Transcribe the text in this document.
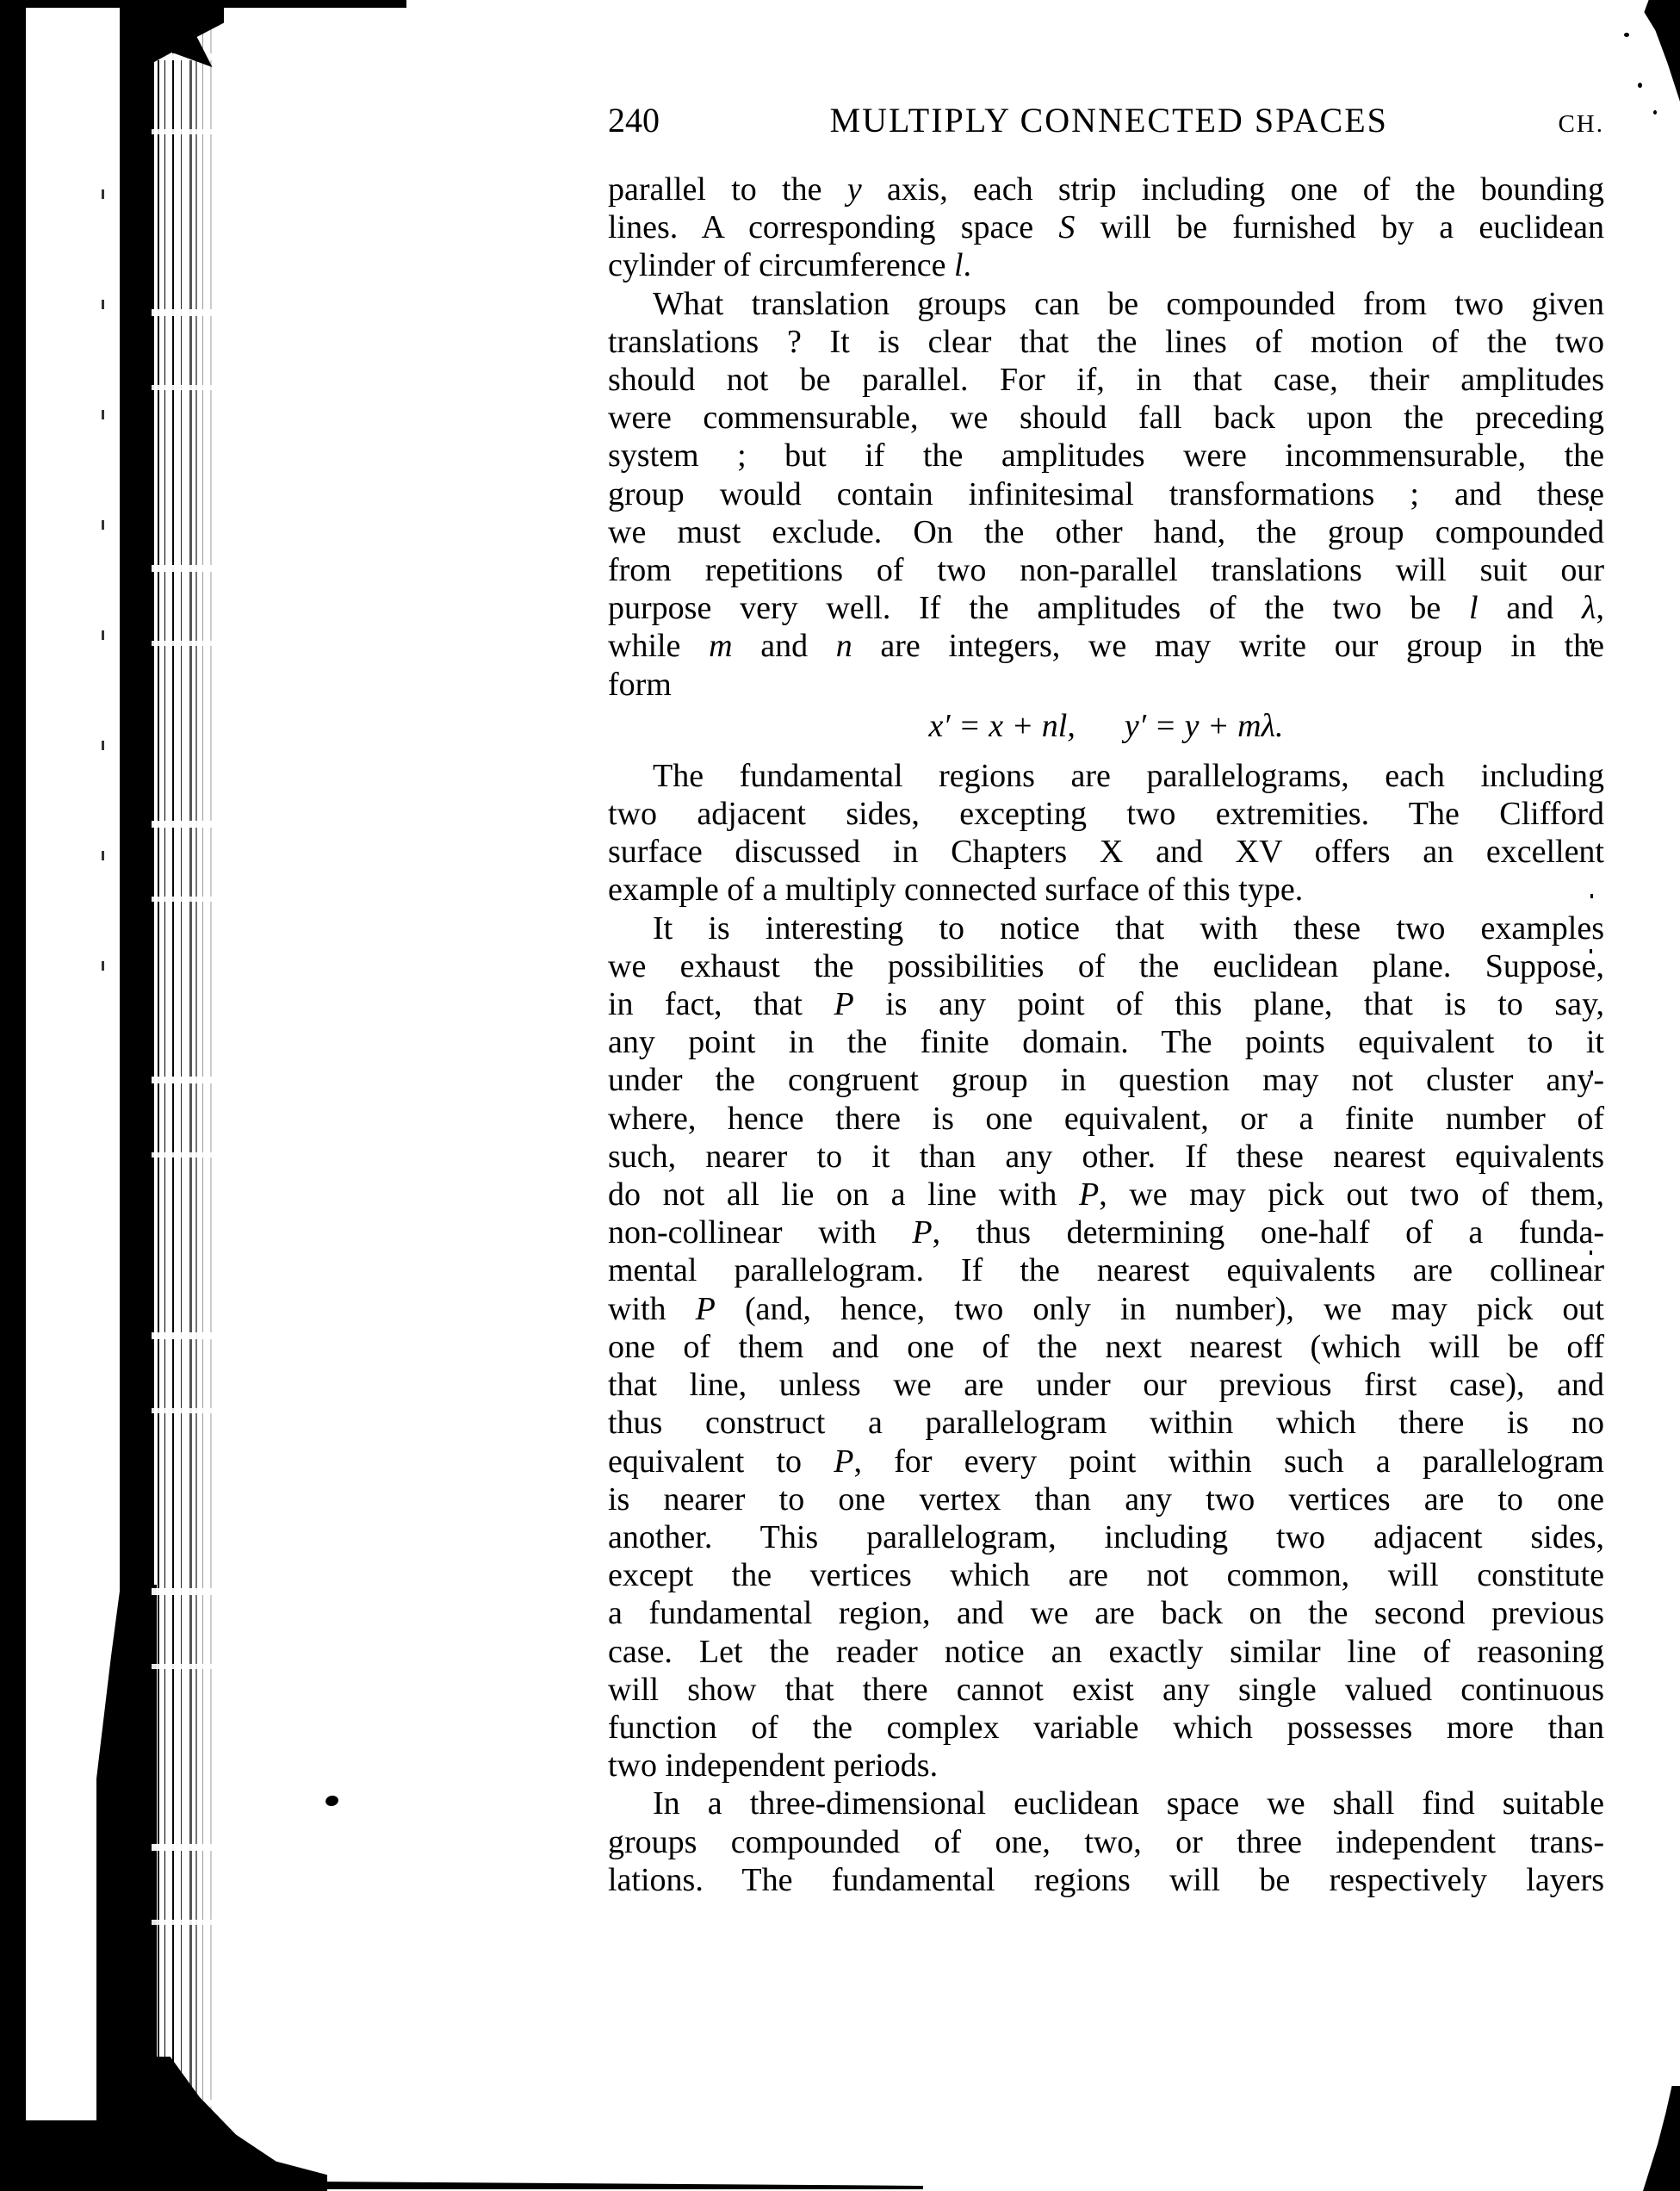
240	MULTIPLY CONNECTED SPACES	CH.
parallel to the y axis, each strip including one of the bounding
lines. A corresponding space S will be furnished by a euclidean
cylinder of circumference l.
What translation groups can be compounded from two given
translations ? It is clear that the lines of motion of the two
should not be parallel. For if, in that case, their amplitudes
were commensurable, we should fall back upon the preceding
system ; but if the amplitudes were incommensurable, the
group would contain infinitesimal transformations ; and these
we must exclude. On the other hand, the group compounded
from repetitions of two non-parallel translations will suit our
purpose very well. If the amplitudes of the two be l and λ,
while m and n are integers, we may write our group in the
form
x′ = x + nl,  y′ = y + mλ.
The fundamental regions are parallelograms, each including
two adjacent sides, excepting two extremities. The Clifford
surface discussed in Chapters X and XV offers an excellent
example of a multiply connected surface of this type.
It is interesting to notice that with these two examples
we exhaust the possibilities of the euclidean plane. Suppose,
in fact, that P is any point of this plane, that is to say,
any point in the finite domain. The points equivalent to it
under the congruent group in question may not cluster any-
where, hence there is one equivalent, or a finite number of
such, nearer to it than any other. If these nearest equivalents
do not all lie on a line with P, we may pick out two of them,
non-collinear with P, thus determining one-half of a funda-
mental parallelogram. If the nearest equivalents are collinear
with P (and, hence, two only in number), we may pick out
one of them and one of the next nearest (which will be off
that line, unless we are under our previous first case), and
thus construct a parallelogram within which there is no
equivalent to P, for every point within such a parallelogram
is nearer to one vertex than any two vertices are to one
another. This parallelogram, including two adjacent sides,
except the vertices which are not common, will constitute
a fundamental region, and we are back on the second previous
case. Let the reader notice an exactly similar line of reasoning
will show that there cannot exist any single valued continuous
function of the complex variable which possesses more than
two independent periods.
In a three-dimensional euclidean space we shall find suitable
groups compounded of one, two, or three independent trans-
lations. The fundamental regions will be respectively layers
